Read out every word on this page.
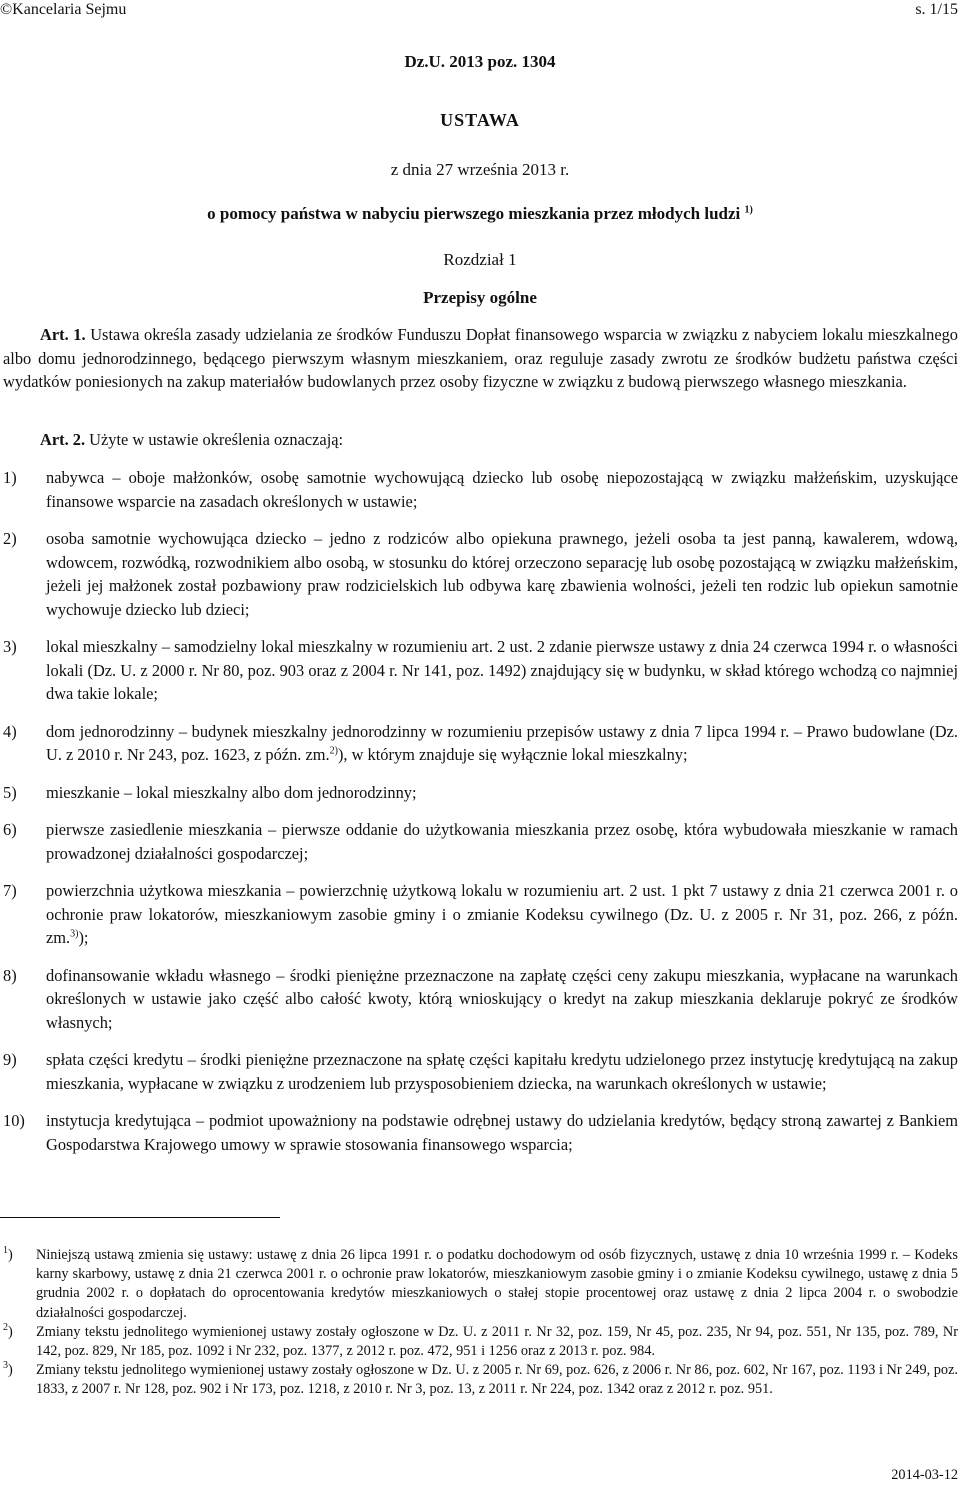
©Kancelaria Sejmu	s. 1/15
Dz.U. 2013 poz. 1304
USTAWA
z dnia 27 września 2013 r.
o pomocy państwa w nabyciu pierwszego mieszkania przez młodych ludzi $^{1)}$
Rozdział 1
Przepisy ogólne
Art. 1. Ustawa określa zasady udzielania ze środków Funduszu Dopłat finansowego wsparcia w związku z nabyciem lokalu mieszkalnego albo domu jednorodzinnego, będącego pierwszym własnym mieszkaniem, oraz reguluje zasady zwrotu ze środków budżetu państwa części wydatków poniesionych na zakup materiałów budowlanych przez osoby fizyczne w związku z budową pierwszego własnego mieszkania.
Art. 2. Użyte w ustawie określenia oznaczają:
1) nabywca – oboje małżonków, osobę samotnie wychowującą dziecko lub osobę niepozostającą w związku małżeńskim, uzyskujące finansowe wsparcie na zasadach określonych w ustawie;
2) osoba samotnie wychowująca dziecko – jedno z rodziców albo opiekuna prawnego, jeżeli osoba ta jest panną, kawalerem, wdową, wdowcem, rozwódką, rozwodnikiem albo osobą, w stosunku do której orzeczono separację lub osobę pozostającą w związku małżeńskim, jeżeli jej małżonek został pozbawiony praw rodzicielskich lub odbywa karę zbawienia wolności, jeżeli ten rodzic lub opiekun samotnie wychowuje dziecko lub dzieci;
3) lokal mieszkalny – samodzielny lokal mieszkalny w rozumieniu art. 2 ust. 2 zdanie pierwsze ustawy z dnia 24 czerwca 1994 r. o własności lokali (Dz. U. z 2000 r. Nr 80, poz. 903 oraz z 2004 r. Nr 141, poz. 1492) znajdujący się w budynku, w skład którego wchodzą co najmniej dwa takie lokale;
4) dom jednorodzinny – budynek mieszkalny jednorodzinny w rozumieniu przepisów ustawy z dnia 7 lipca 1994 r. – Prawo budowlane (Dz. U. z 2010 r. Nr 243, poz. 1623, z późn. zm.$^{2)}$), w którym znajduje się wyłącznie lokal mieszkalny;
5) mieszkanie – lokal mieszkalny albo dom jednorodzinny;
6) pierwsze zasiedlenie mieszkania – pierwsze oddanie do użytkowania mieszkania przez osobę, która wybudowała mieszkanie w ramach prowadzonej działalności gospodarczej;
7) powierzchnia użytkowa mieszkania – powierzchnię użytkową lokalu w rozumieniu art. 2 ust. 1 pkt 7 ustawy z dnia 21 czerwca 2001 r. o ochronie praw lokatorów, mieszkaniowym zasobie gminy i o zmianie Kodeksu cywilnego (Dz. U. z 2005 r. Nr 31, poz. 266, z późn. zm.$^{3)}$);
8) dofinansowanie wkładu własnego – środki pieniężne przeznaczone na zapłatę części ceny zakupu mieszkania, wypłacane na warunkach określonych w ustawie jako część albo całość kwoty, którą wnioskujący o kredyt na zakup mieszkania deklaruje pokryć ze środków własnych;
9) spłata części kredytu – środki pieniężne przeznaczone na spłatę części kapitału kredytu udzielonego przez instytucję kredytującą na zakup mieszkania, wypłacane w związku z urodzeniem lub przysposobieniem dziecka, na warunkach określonych w ustawie;
10) instytucja kredytująca – podmiot upoważniony na podstawie odrębnej ustawy do udzielania kredytów, będący stroną zawartej z Bankiem Gospodarstwa Krajowego umowy w sprawie stosowania finansowego wsparcia;
$^1$) Niniejszą ustawą zmienia się ustawy: ustawę z dnia 26 lipca 1991 r. o podatku dochodowym od osób fizycznych, ustawę z dnia 10 września 1999 r. – Kodeks karny skarbowy, ustawę z dnia 21 czerwca 2001 r. o ochronie praw lokatorów, mieszkaniowym zasobie gminy i o zmianie Kodeksu cywilnego, ustawę z dnia 5 grudnia 2002 r. o dopłatach do oprocentowania kredytów mieszkaniowych o stałej stopie procentowej oraz ustawę z dnia 2 lipca 2004 r. o swobodzie działalności gospodarczej.
$^2$) Zmiany tekstu jednolitego wymienionej ustawy zostały ogłoszone w Dz. U. z 2011 r. Nr 32, poz. 159, Nr 45, poz. 235, Nr 94, poz. 551, Nr 135, poz. 789, Nr 142, poz. 829, Nr 185, poz. 1092 i Nr 232, poz. 1377, z 2012 r. poz. 472, 951 i 1256 oraz z 2013 r. poz. 984.
$^3$) Zmiany tekstu jednolitego wymienionej ustawy zostały ogłoszone w Dz. U. z 2005 r. Nr 69, poz. 626, z 2006 r. Nr 86, poz. 602, Nr 167, poz. 1193 i Nr 249, poz. 1833, z 2007 r. Nr 128, poz. 902 i Nr 173, poz. 1218, z 2010 r. Nr 3, poz. 13, z 2011 r. Nr 224, poz. 1342 oraz z 2012 r. poz. 951.
2014-03-12
